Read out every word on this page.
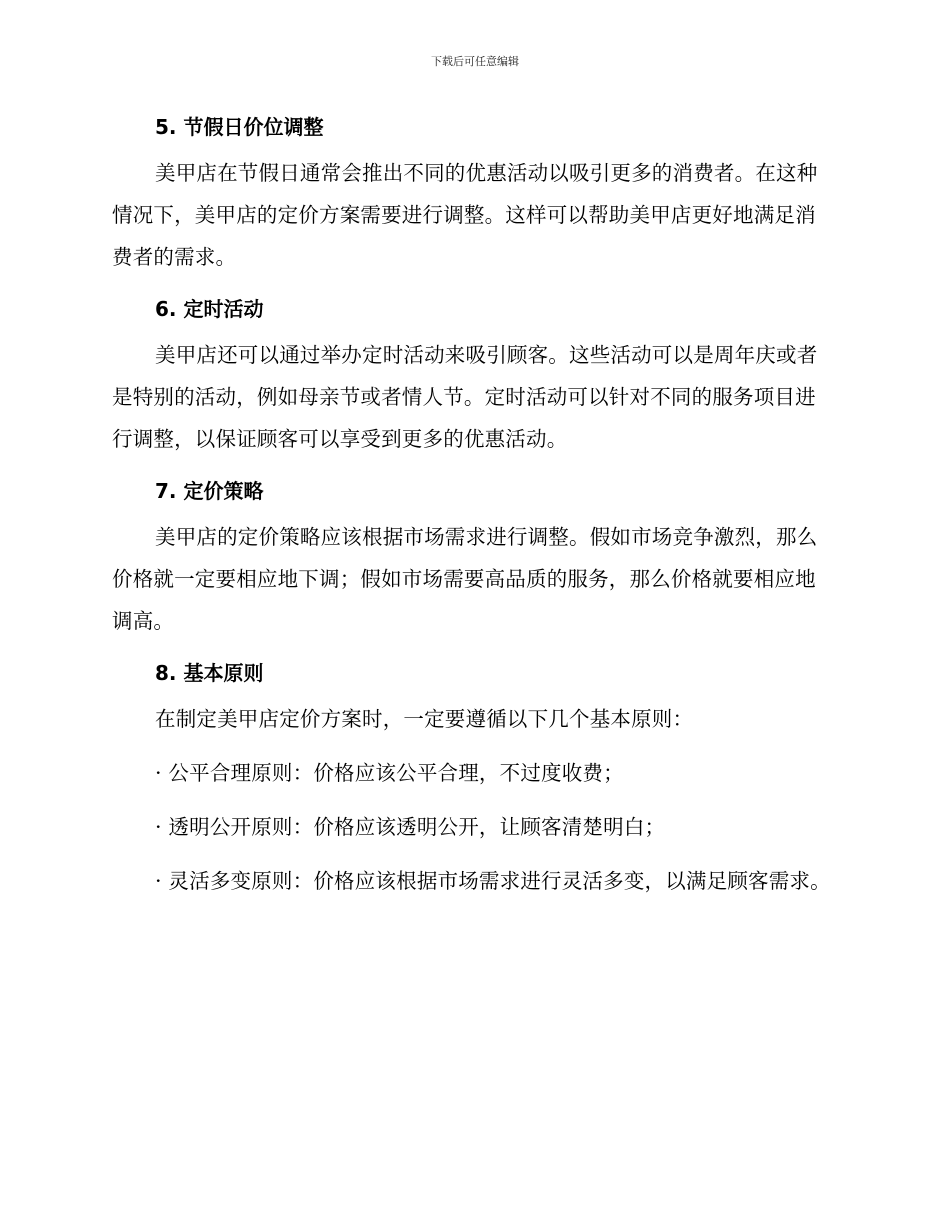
下载后可任意编辑
5. 节假日价位调整

美甲店在节假日通常会推出不同的优惠活动以吸引更多的消费者。在这种情况下，美甲店的定价方案需要进行调整。这样可以帮助美甲店更好地满足消费者的需求。

6. 定时活动

美甲店还可以通过举办定时活动来吸引顾客。这些活动可以是周年庆或者是特别的活动，例如母亲节或者情人节。定时活动可以针对不同的服务项目进行调整，以保证顾客可以享受到更多的优惠活动。

7. 定价策略

美甲店的定价策略应该根据市场需求进行调整。假如市场竞争激烈，那么价格就一定要相应地下调；假如市场需要高品质的服务，那么价格就要相应地调高。

8. 基本原则

在制定美甲店定价方案时，一定要遵循以下几个基本原则：

· 公平合理原则：价格应该公平合理，不过度收费；

· 透明公开原则：价格应该透明公开，让顾客清楚明白；

· 灵活多变原则：价格应该根据市场需求进行灵活多变，以满足顾客需求。
